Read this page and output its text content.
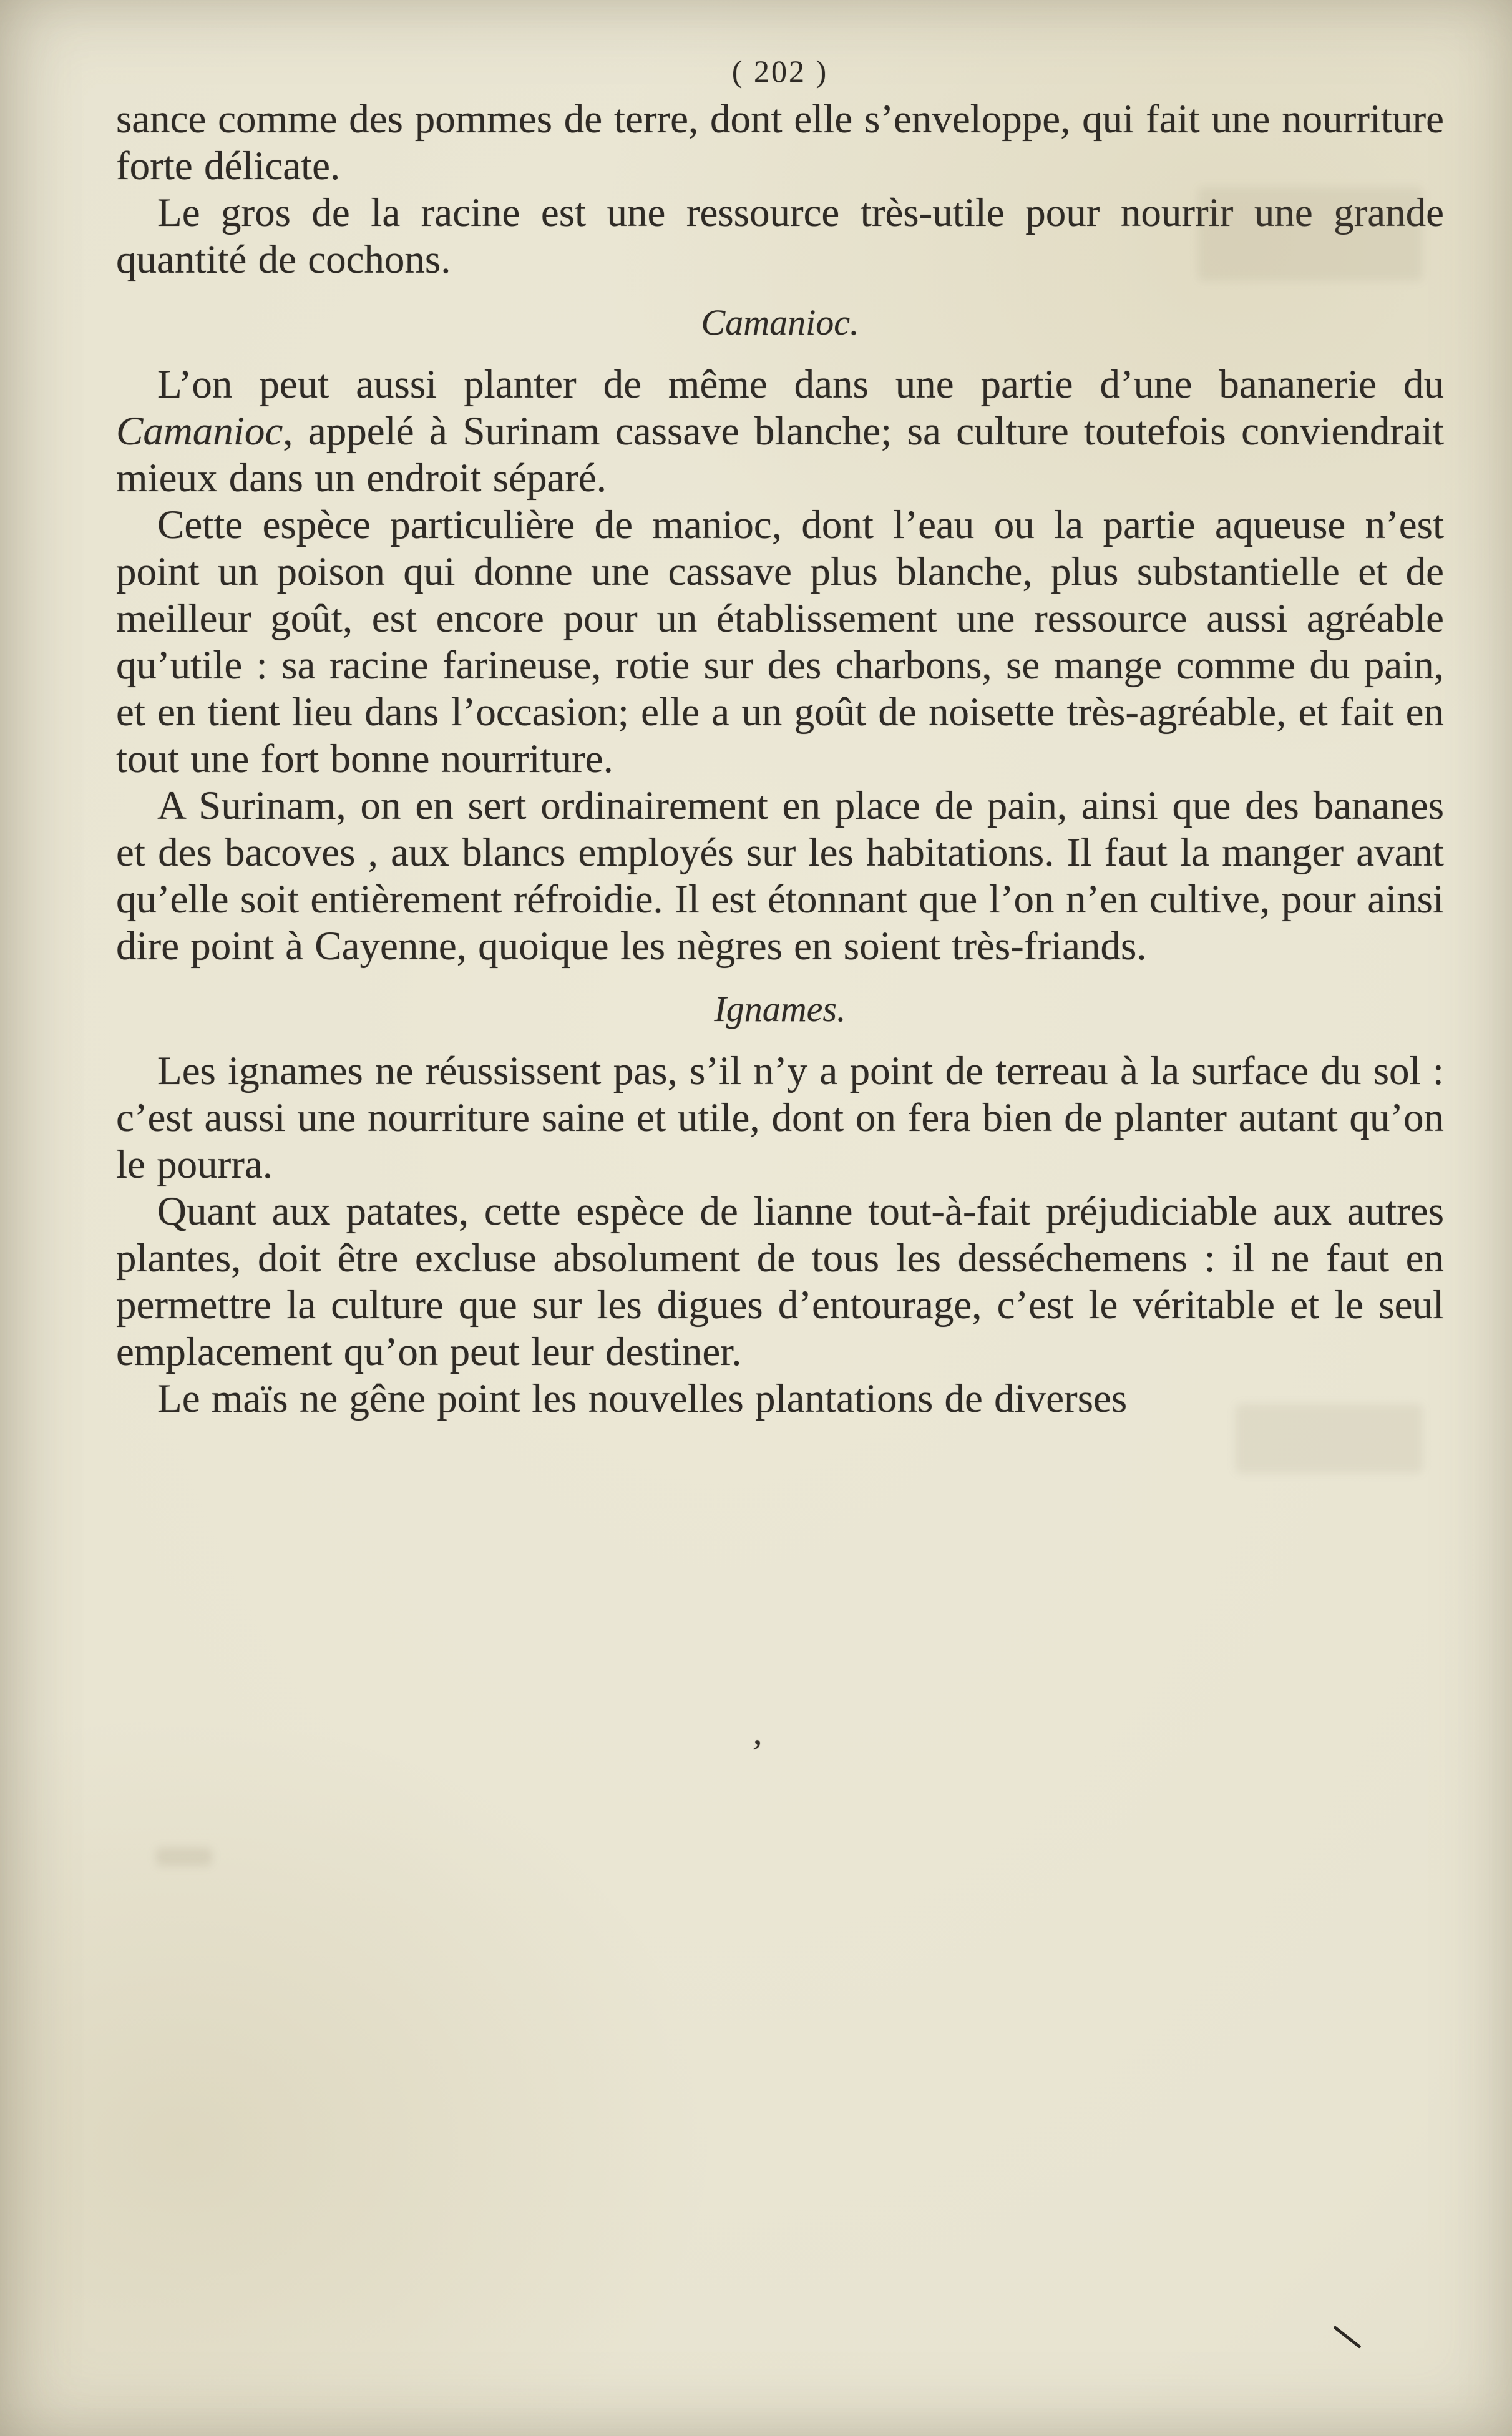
( 202 )

sance comme des pommes de terre, dont elle s’enveloppe, qui fait une nourriture forte délicate.

Le gros de la racine est une ressource très-utile pour nourrir une grande quantité de cochons.

Camanioc.

L’on peut aussi planter de même dans une partie d’une bananerie du Camanioc, appelé à Surinam cassave blanche; sa culture toutefois conviendrait mieux dans un endroit séparé.

Cette espèce particulière de manioc, dont l’eau ou la partie aqueuse n’est point un poison qui donne une cassave plus blanche, plus substantielle et de meilleur goût, est encore pour un établissement une ressource aussi agréable qu’utile : sa racine farineuse, rotie sur des charbons, se mange comme du pain, et en tient lieu dans l’occasion; elle a un goût de noisette très-agréable, et fait en tout une fort bonne nourriture.

A Surinam, on en sert ordinairement en place de pain, ainsi que des bananes et des bacoves , aux blancs employés sur les habitations. Il faut la manger avant qu’elle soit entièrement réfroidie. Il est étonnant que l’on n’en cultive, pour ainsi dire point à Cayenne, quoique les nègres en soient très-friands.

Ignames.

Les ignames ne réussissent pas, s’il n’y a point de terreau à la surface du sol : c’est aussi une nourriture saine et utile, dont on fera bien de planter autant qu’on le pourra.

Quant aux patates, cette espèce de lianne tout-à-fait préjudiciable aux autres plantes, doit être excluse absolument de tous les desséchemens : il ne faut en permettre la culture que sur les digues d’entourage, c’est le véritable et le seul emplacement qu’on peut leur destiner.

Le maïs ne gêne point les nouvelles plantations de diverses

’
